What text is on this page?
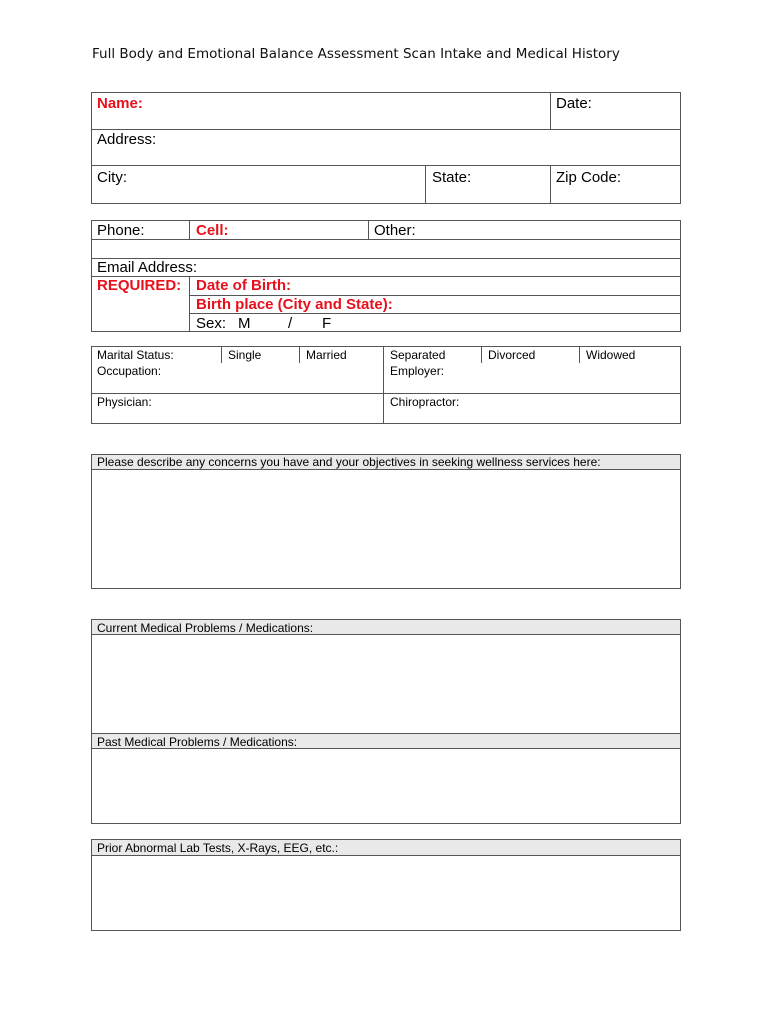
Full Body and Emotional Balance Assessment Scan Intake and Medical History
Name:	Date:
Address:
City:	State:	Zip Code:
Phone:	Cell:	Other:
Email Address:
REQUIRED: Date of Birth:
Birth place (City and State):
Sex: M	/ F
Marital Status:	Single	Married	Separated	Divorced	Widowed
Occupation:	Employer:
Physician:	Chiropractor:
Please describe any concerns you have and your objectives in seeking wellness services here:
Current Medical Problems / Medications:
Past Medical Problems / Medications:
Prior Abnormal Lab Tests, X-Rays, EEG, etc.:
